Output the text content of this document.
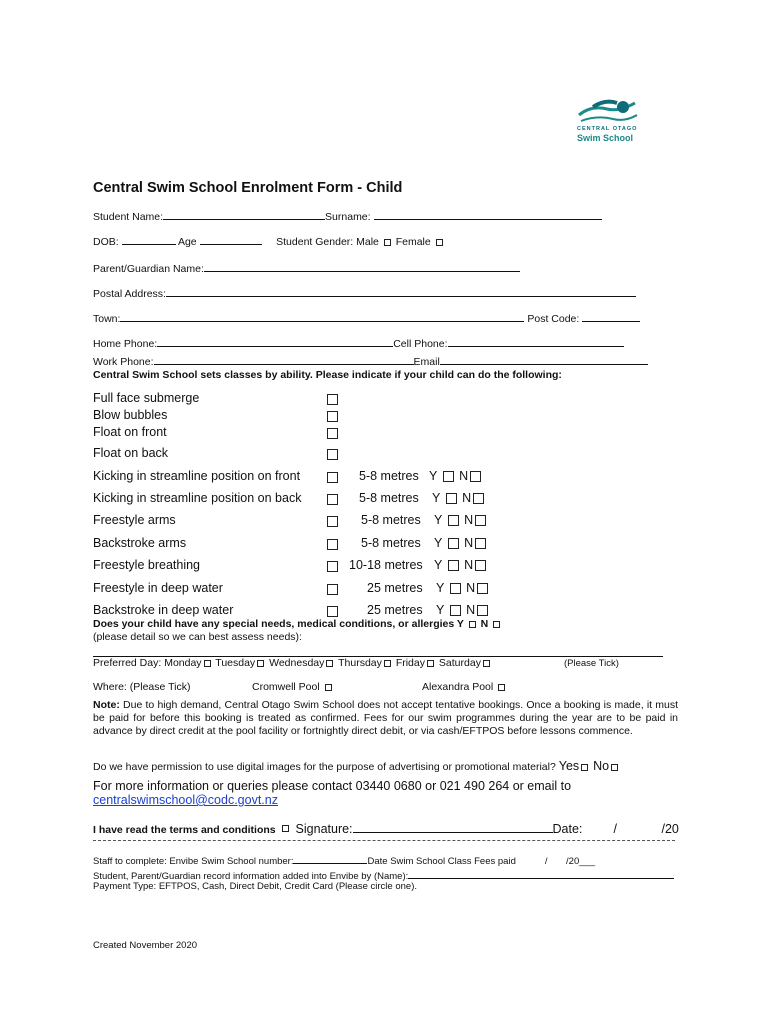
CENTRAL OTAGO
Swim School
Central Swim School Enrolment Form - Child
Student Name:	Surname:
DOB:	Age	Student Gender: Male Female
Parent/Guardian Name:
Postal Address:
Town:	Post Code:
Home Phone:	Cell Phone:
Work Phone:	Email
Central Swim School sets classes by ability. Please indicate if your child can do the following:
Full face submerge
Blow bubbles
Float on front
Float on back
Kicking in streamline position on front	5-8 metres Y N
Kicking in streamline position on back	5-8 metres Y N
Freestyle arms	5-8 metres Y N
Backstroke arms	5-8 metres Y N
Freestyle breathing	10-18 metres Y N
Freestyle in deep water	25 metres Y N
Backstroke in deep water	25 metres Y N
Does your child have any special needs, medical conditions, or allergies Y N
(please detail so we can best assess needs):
Preferred Day: Monday Tuesday Wednesday Thursday Friday Saturday	(Please Tick)
Where: (Please Tick)	Cromwell Pool	Alexandra Pool
Note: Due to high demand, Central Otago Swim School does not accept tentative bookings. Once a booking is made, it must be paid for before this booking is treated as confirmed. Fees for our swim programmes during the year are to be paid in advance by direct credit at the pool facility or fortnightly direct debit, or via cash/EFTPOS before lessons commence.
Do we have permission to use digital images for the purpose of advertising or promotional material? Yes No
For more information or queries please contact 03440 0680 or 021 490 264 or email to
centralswimschool@codc.govt.nz
I have read the terms and conditions Signature:	Date: /	/20
Staff to complete: Envibe Swim School number:	Date Swim School Class Fees paid	/ /20___
Student, Parent/Guardian record information added into Envibe by (Name):
Payment Type: EFTPOS, Cash, Direct Debit, Credit Card (Please circle one).
Created November 2020
